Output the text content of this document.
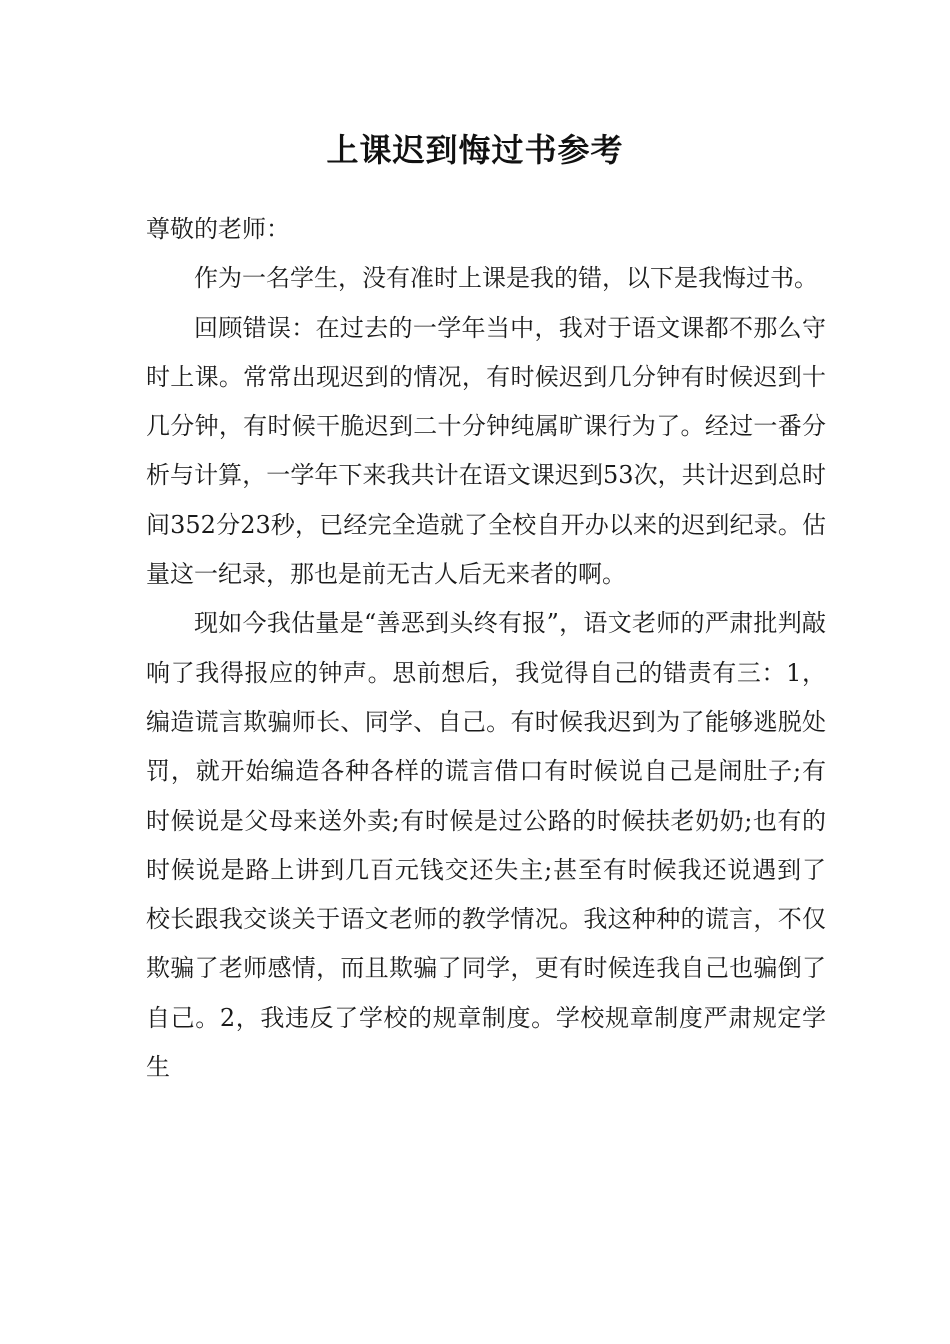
上课迟到悔过书参考

尊敬的老师：

作为一名学生，没有准时上课是我的错，以下是我悔过书。

回顾错误：在过去的一学年当中，我对于语文课都不那么守时上课。常常出现迟到的情况，有时候迟到几分钟有时候迟到十几分钟，有时候干脆迟到二十分钟纯属旷课行为了。经过一番分析与计算，一学年下来我共计在语文课迟到53次，共计迟到总时间352分23秒，已经完全造就了全校自开办以来的迟到纪录。估量这一纪录，那也是前无古人后无来者的啊。

现如今我估量是“善恶到头终有报”，语文老师的严肃批判敲响了我得报应的钟声。思前想后，我觉得自己的错责有三：1，编造谎言欺骗师长、同学、自己。有时候我迟到为了能够逃脱处罚，就开始编造各种各样的谎言借口有时候说自己是闹肚子;有时候说是父母来送外卖;有时候是过公路的时候扶老奶奶;也有的时候说是路上讲到几百元钱交还失主;甚至有时候我还说遇到了校长跟我交谈关于语文老师的教学情况。我这种种的谎言，不仅欺骗了老师感情，而且欺骗了同学，更有时候连我自己也骗倒了自己。2，我违反了学校的规章制度。学校规章制度严肃规定学生
